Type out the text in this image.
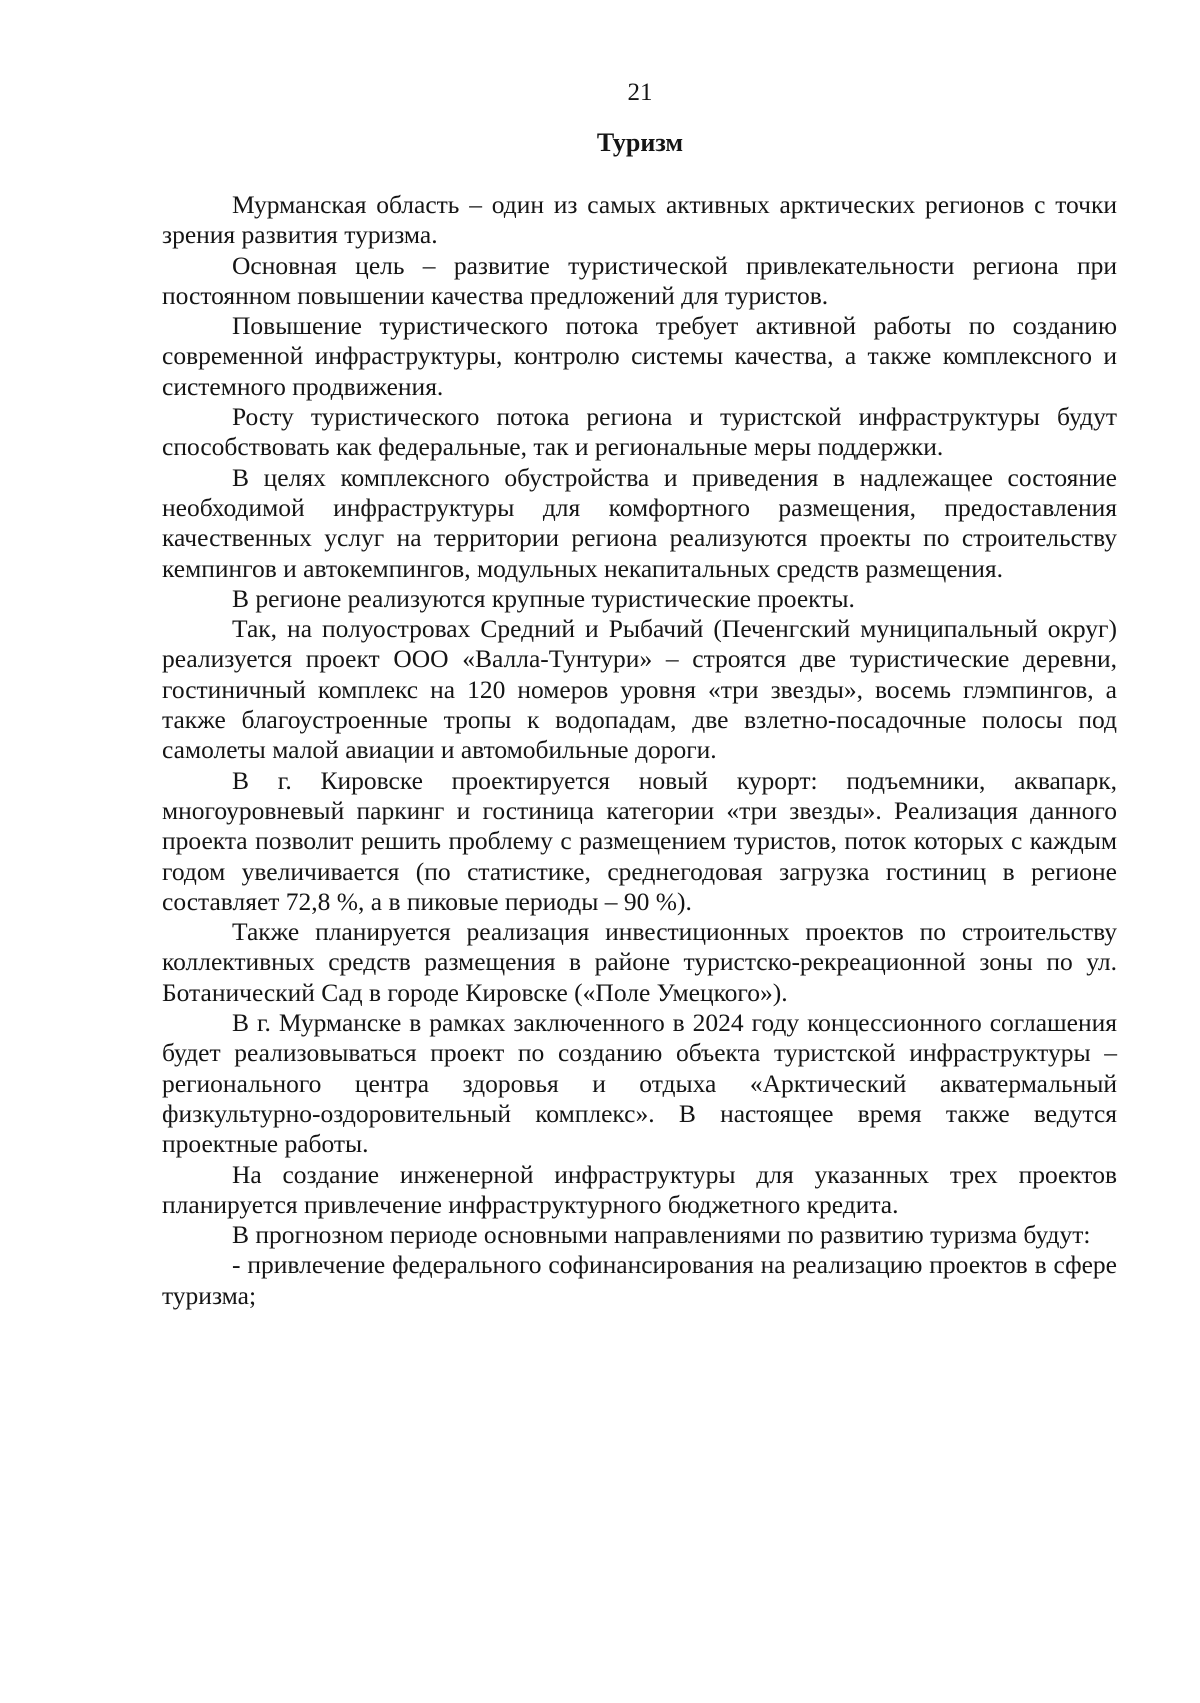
21
Туризм

Мурманская область – один из самых активных арктических регионов с точки зрения развития туризма.

Основная цель – развитие туристической привлекательности региона при постоянном повышении качества предложений для туристов.

Повышение туристического потока требует активной работы по созданию современной инфраструктуры, контролю системы качества, а также комплексного и системного продвижения.

Росту туристического потока региона и туристской инфраструктуры будут способствовать как федеральные, так и региональные меры поддержки.

В целях комплексного обустройства и приведения в надлежащее состояние необходимой инфраструктуры для комфортного размещения, предоставления качественных услуг на территории региона реализуются проекты по строительству кемпингов и автокемпингов, модульных некапитальных средств размещения.

В регионе реализуются крупные туристические проекты.

Так, на полуостровах Средний и Рыбачий (Печенгский муниципальный округ) реализуется проект ООО «Валла-Тунтури» – строятся две туристические деревни, гостиничный комплекс на 120 номеров уровня «три звезды», восемь глэмпингов, а также благоустроенные тропы к водопадам, две взлетно-посадочные полосы под самолеты малой авиации и автомобильные дороги.

В г. Кировске проектируется новый курорт: подъемники, аквапарк, многоуровневый паркинг и гостиница категории «три звезды». Реализация данного проекта позволит решить проблему с размещением туристов, поток которых с каждым годом увеличивается (по статистике, среднегодовая загрузка гостиниц в регионе составляет 72,8 %, а в пиковые периоды – 90 %).

Также планируется реализация инвестиционных проектов по строительству коллективных средств размещения в районе туристско-рекреационной зоны по ул. Ботанический Сад в городе Кировске («Поле Умецкого»).

В г. Мурманске в рамках заключенного в 2024 году концессионного соглашения будет реализовываться проект по созданию объекта туристской инфраструктуры – регионального центра здоровья и отдыха «Арктический акватермальный физкультурно-оздоровительный комплекс». В настоящее время также ведутся проектные работы.

На создание инженерной инфраструктуры для указанных трех проектов планируется привлечение инфраструктурного бюджетного кредита.

В прогнозном периоде основными направлениями по развитию туризма будут:

- привлечение федерального софинансирования на реализацию проектов в сфере туризма;
